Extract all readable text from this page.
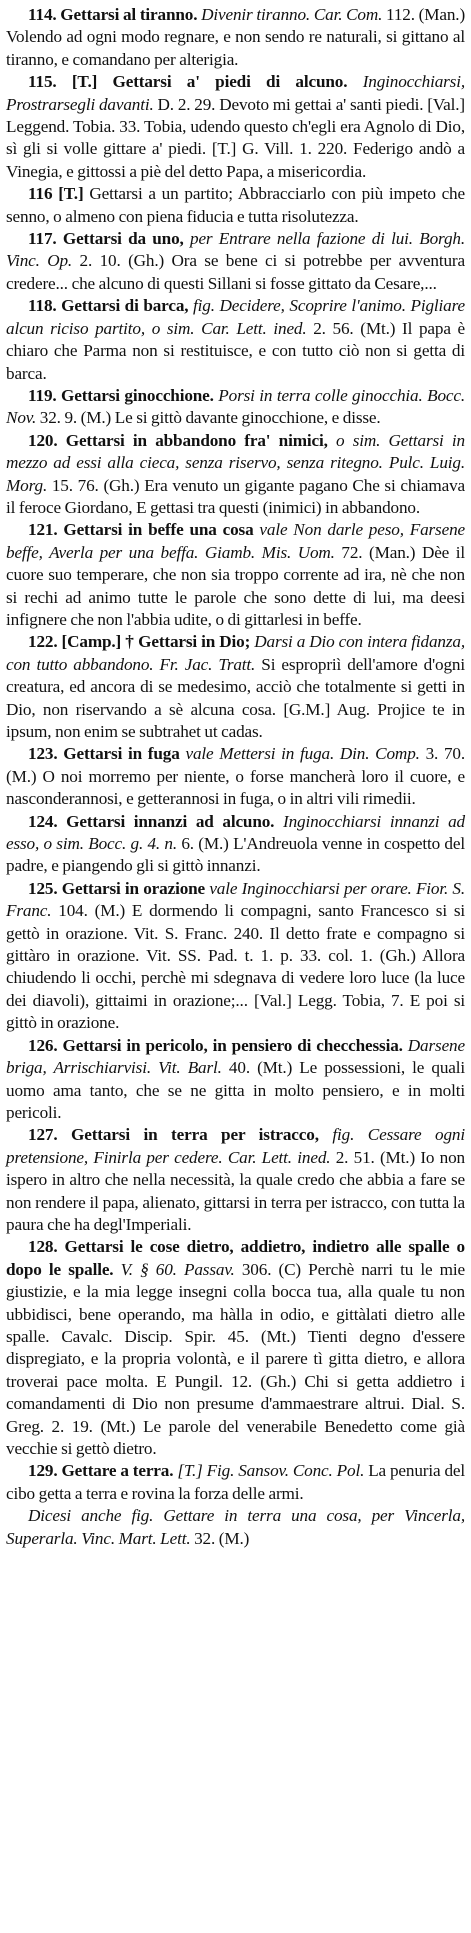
114. Gettarsi al tiranno. Divenir tiranno. Car. Com. 112. (Man.) Volendo ad ogni modo regnare, e non sendo re naturali, si gittano al tiranno, e comandano per alterigia.

115. [T.] Gettarsi a' piedi di alcuno. Inginocchiarsi, Prostrarsegli davanti. D. 2. 29. Devoto mi gettai a' santi piedi. [Val.] Leggend. Tobia. 33. Tobia, udendo questo ch'egli era Agnolo di Dio, sì gli si volle gittare a' piedi. [T.] G. Vill. 1. 220. Federigo andò a Vinegia, e gittossi a piè del detto Papa, a misericordia.

116 [T.] Gettarsi a un partito; Abbracciarlo con più impeto che senno, o almeno con piena fiducia e tutta risolutezza.

117. Gettarsi da uno, per Entrare nella fazione di lui. Borgh. Vinc. Op. 2. 10. (Gh.) Ora se bene ci si potrebbe per avventura credere... che alcuno di questi Sillani si fosse gittato da Cesare,...

118. Gettarsi di barca, fig. Decidere, Scoprire l'animo. Pigliare alcun riciso partito, o sim. Car. Lett. ined. 2. 56. (Mt.) Il papa è chiaro che Parma non si restituisce, e con tutto ciò non si getta di barca.

119. Gettarsi ginocchione. Porsi in terra colle ginocchia. Bocc. Nov. 32. 9. (M.) Le si gittò davante ginocchione, e disse.

120. Gettarsi in abbandono fra' nimici, o sim. Gettarsi in mezzo ad essi alla cieca, senza riservo, senza ritegno. Pulc. Luig. Morg. 15. 76. (Gh.) Era venuto un gigante pagano Che si chiamava il feroce Giordano, E gettasi tra questi (inimici) in abbandono.

121. Gettarsi in beffe una cosa vale Non darle peso, Farsene beffe, Averla per una beffa. Giamb. Mis. Uom. 72. (Man.) Dèe il cuore suo temperare, che non sia troppo corrente ad ira, nè che non si rechi ad animo tutte le parole che sono dette di lui, ma deesi infignere che non l'abbia udite, o di gittarlesi in beffe.

122. [Camp.] † Gettarsi in Dio; Darsi a Dio con intera fidanza, con tutto abbandono. Fr. Jac. Tratt. Si espropriì dell'amore d'ogni creatura, ed ancora di se medesimo, acciò che totalmente si getti in Dio, non riservando a sè alcuna cosa. [G.M.] Aug. Projice te in ipsum, non enim se subtrahet ut cadas.

123. Gettarsi in fuga vale Mettersi in fuga. Din. Comp. 3. 70. (M.) O noi morremo per niente, o forse mancherà loro il cuore, e nasconderannosi, e getterannosi in fuga, o in altri vili rimedii.

124. Gettarsi innanzi ad alcuno. Inginocchiarsi innanzi ad esso, o sim. Bocc. g. 4. n. 6. (M.) L'Andreuola venne in cospetto del padre, e piangendo gli si gittò innanzi.

125. Gettarsi in orazione vale Inginocchiarsi per orare. Fior. S. Franc. 104. (M.) E dormendo li compagni, santo Francesco si si gettò in orazione. Vit. S. Franc. 240. Il detto frate e compagno si gittàro in orazione. Vit. SS. Pad. t. 1. p. 33. col. 1. (Gh.) Allora chiudendo li occhi, perchè mi sdegnava di vedere loro luce (la luce dei diavoli), gittaimi in orazione;... [Val.] Legg. Tobia, 7. E poi si gittò in orazione.

126. Gettarsi in pericolo, in pensiero di checchessia. Darsene briga, Arrischiarvisi. Vit. Barl. 40. (Mt.) Le possessioni, le quali uomo ama tanto, che se ne gitta in molto pensiero, e in molti pericoli.

127. Gettarsi in terra per istracco, fig. Cessare ogni pretensione, Finirla per cedere. Car. Lett. ined. 2. 51. (Mt.) Io non ispero in altro che nella necessità, la quale credo che abbia a fare se non rendere il papa, alienato, gittarsi in terra per istracco, con tutta la paura che ha degl'Imperiali.

128. Gettarsi le cose dietro, addietro, indietro alle spalle o dopo le spalle. V. § 60. Passav. 306. (C) Perchè narri tu le mie giustizie, e la mia legge insegni colla bocca tua, alla quale tu non ubbidisci, bene operando, ma hàlla in odio, e gittàlati dietro alle spalle. Cavalc. Discip. Spir. 45. (Mt.) Tienti degno d'essere dispregiato, e la propria volontà, e il parere tì gitta dietro, e allora troverai pace molta. E Pungil. 12. (Gh.) Chi si getta addietro i comandamenti di Dio non presume d'ammaestrare altrui. Dial. S. Greg. 2. 19. (Mt.) Le parole del venerabile Benedetto come già vecchie si gettò dietro.

129. Gettare a terra. [T.] Fig. Sansov. Conc. Pol. La penuria del cibo getta a terra e rovina la forza delle armi.

Dicesi anche fig. Gettare in terra una cosa, per Vincerla, Superarla. Vinc. Mart. Lett. 32. (M.)
